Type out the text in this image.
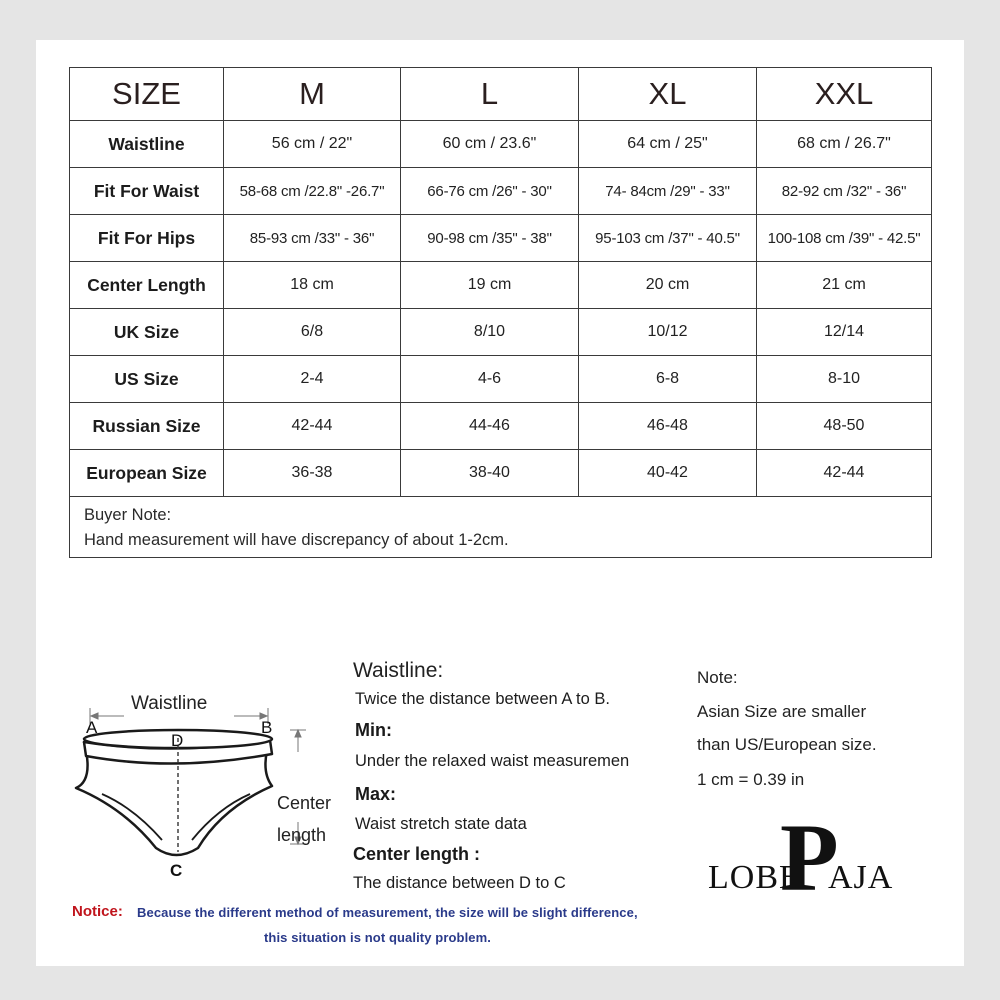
SIZE	M	L	XL	XXL
Waistline	56 cm / 22"	60 cm / 23.6"	64 cm / 25"	68 cm / 26.7"
Fit For Waist	58-68 cm /22.8" -26.7"	66-76 cm /26" - 30"	74- 84cm /29" - 33"	82-92 cm /32" - 36"
Fit For Hips	85-93 cm /33" - 36"	90-98 cm /35" - 38"	95-103 cm /37" - 40.5"	100-108 cm /39" - 42.5"
Center Length	18 cm	19 cm	20 cm	21 cm
UK Size	6/8	8/10	10/12	12/14
US Size	2-4	4-6	6-8	8-10
Russian Size	42-44	44-46	46-48	48-50
European Size	36-38	38-40	40-42	42-44

Buyer Note:
Hand measurement will have discrepancy of about 1-2cm.				
Waistline
A	B
D
C
Center
length
Waistline:
Twice the distance between A to B.
Min:
Under the relaxed waist measuremen
Max:
Waist stretch state data
Center length :
The distance between D to C
Note:
Asian Size are smaller
than US/European size.
1 cm = 0.39 in
LOBB
P
AJA
Notice: Because the different method of measurement, the size will be slight difference,
this situation is not quality problem.
